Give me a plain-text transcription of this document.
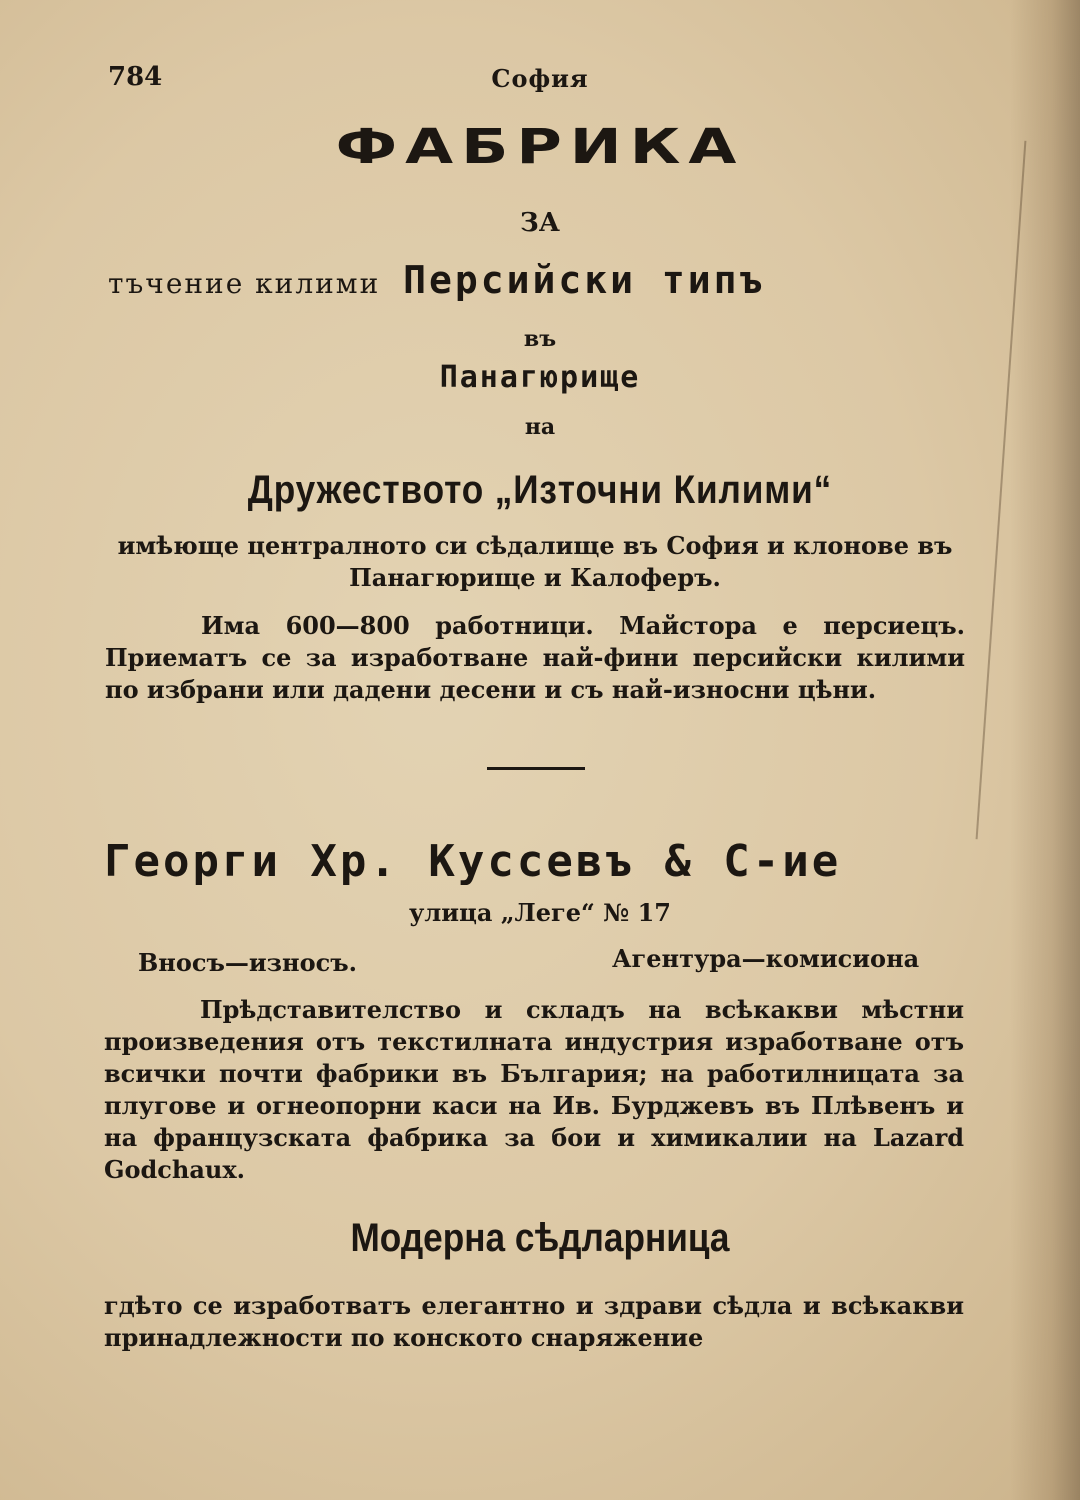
784	София
ФАБРИКА
ЗА
тъчение килими Персийски типъ
въ
Панагюрище
на
Дружеството „Източни Килими“
имѣюще централното си сѣдалище въ София и клонове въ Панагюрище и Калоферъ.
Има 600—800 работници. Майстора е персиецъ. Приематъ се за изработване най-фини персийски килими по избрани или дадени десени и съ най-износни цѣни.
Георги Хр. Куссевъ & С-ие
улица „Леге“ № 17
Вносъ—износъ.	Агентура—комисиона
Прѣдставителство и складъ на всѣкакви мѣстни произведения отъ текстилната индустрия изработване отъ всички почти фабрики въ България; на работилницата за плугове и огнеопорни каси на Ив. Бурджевъ въ Плѣвенъ и на французската фабрика за бои и химикалии на Lazard Godchaux.
Модерна сѣдларница
гдѣто се изработватъ елегантно и здрави сѣдла и всѣкакви принадлежности по конското снаряжение
